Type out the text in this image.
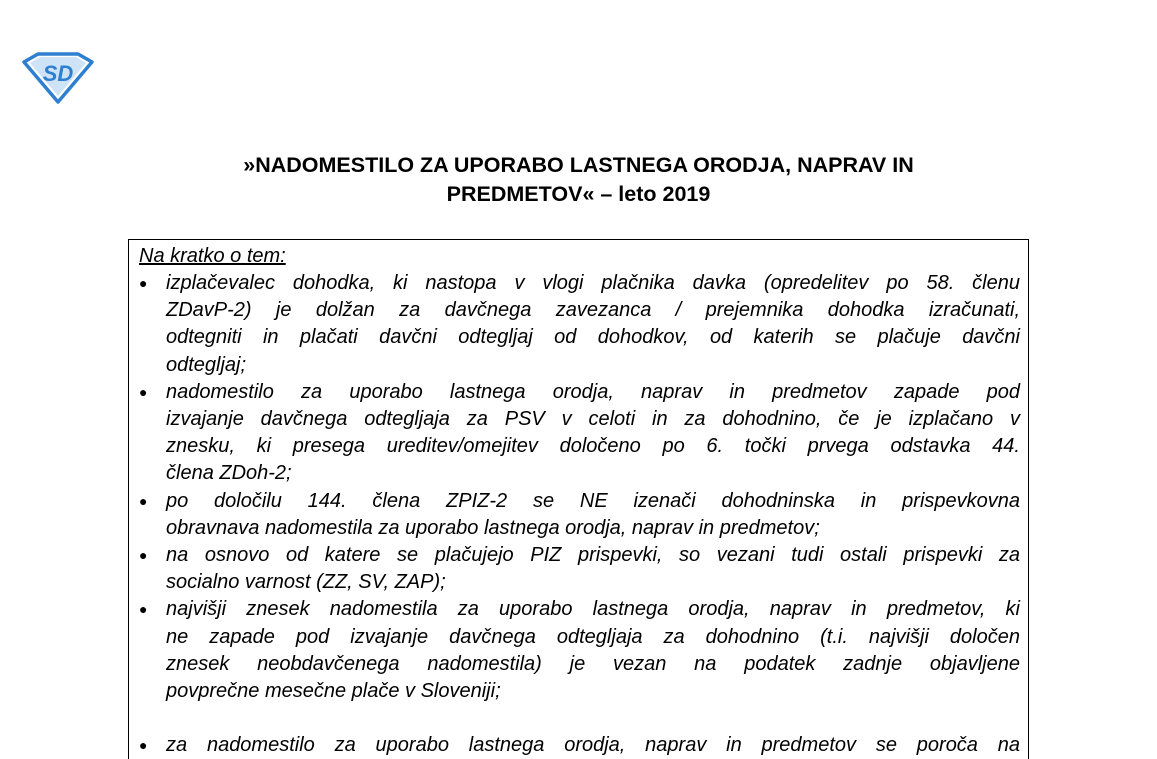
SD
»NADOMESTILO ZA UPORABO LASTNEGA ORODJA, NAPRAV IN
PREDMETOV« – leto 2019
Na kratko o tem:
● izplačevalec dohodka, ki nastopa v vlogi plačnika davka (opredelitev po 58. členu
ZDavP-2) je dolžan za davčnega zavezanca / prejemnika dohodka izračunati,
odtegniti in plačati davčni odtegljaj od dohodkov, od katerih se plačuje davčni
odtegljaj;
● nadomestilo za uporabo lastnega orodja, naprav in predmetov zapade pod
izvajanje davčnega odtegljaja za PSV v celoti in za dohodnino, če je izplačano v
znesku, ki presega ureditev/omejitev določeno po 6. točki prvega odstavka 44.
člena ZDoh-2;
● po določilu 144. člena ZPIZ-2 se NE izenači dohodninska in prispevkovna
obravnava nadomestila za uporabo lastnega orodja, naprav in predmetov;
● na osnovo od katere se plačujejo PIZ prispevki, so vezani tudi ostali prispevki za
socialno varnost (ZZ, SV, ZAP);
● najvišji znesek nadomestila za uporabo lastnega orodja, naprav in predmetov, ki
ne zapade pod izvajanje davčnega odtegljaja za dohodnino (t.i. najvišji določen
znesek neobdavčenega nadomestila) je vezan na podatek zadnje objavljene
povprečne mesečne plače v Sloveniji;
● za nadomestilo za uporabo lastnega orodja, naprav in predmetov se poroča na
